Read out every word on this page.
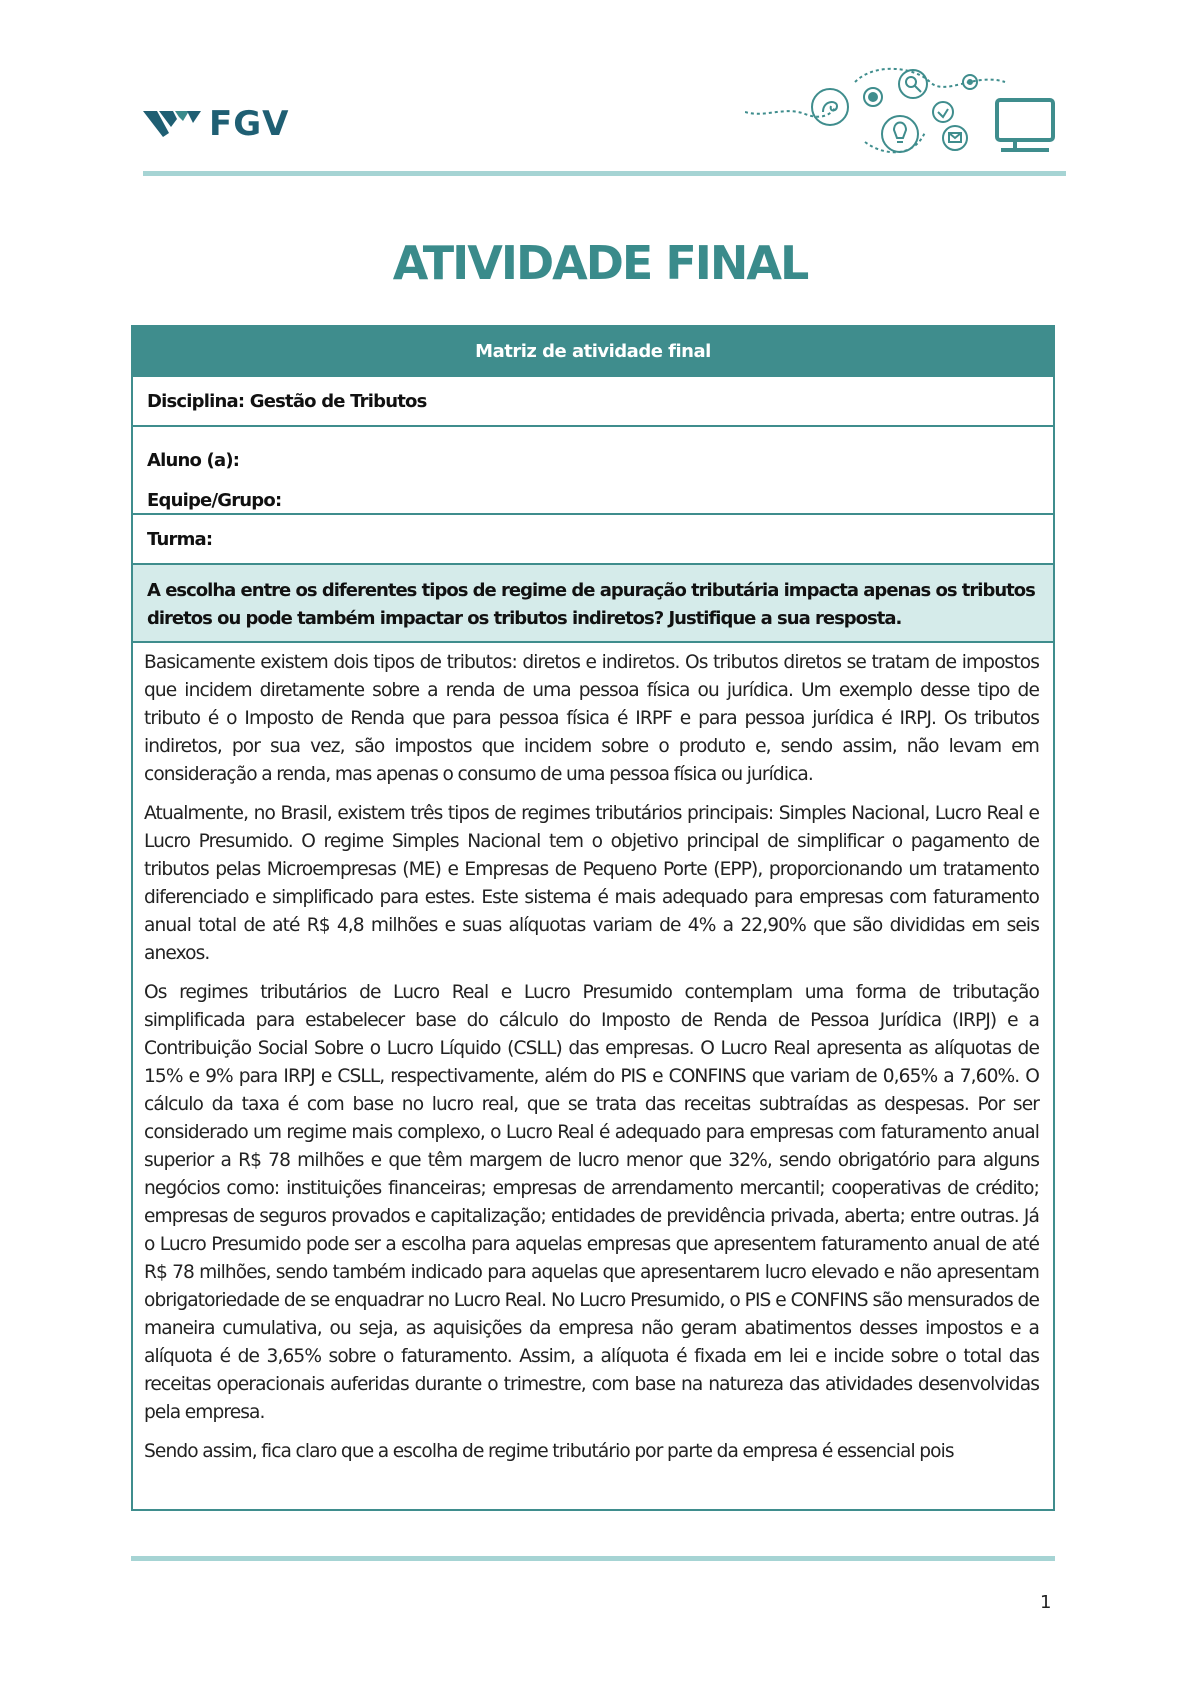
FGV
ATIVIDADE FINAL
Matriz de atividade final
Disciplina: Gestão de Tributos
Aluno (a):
Equipe/Grupo:
Turma:
A escolha entre os diferentes tipos de regime de apuração tributária impacta apenas os tributos diretos ou pode também impactar os tributos indiretos? Justifique a sua resposta.

Basicamente existem dois tipos de tributos: diretos e indiretos. Os tributos diretos se tratam de impostos que incidem diretamente sobre a renda de uma pessoa física ou jurídica. Um exemplo desse tipo de tributo é o Imposto de Renda que para pessoa física é IRPF e para pessoa jurídica é IRPJ. Os tributos indiretos, por sua vez, são impostos que incidem sobre o produto e, sendo assim, não levam em consideração a renda, mas apenas o consumo de uma pessoa física ou jurídica.

Atualmente, no Brasil, existem três tipos de regimes tributários principais: Simples Nacional, Lucro Real e Lucro Presumido. O regime Simples Nacional tem o objetivo principal de simplificar o pagamento de tributos pelas Microempresas (ME) e Empresas de Pequeno Porte (EPP), proporcionando um tratamento diferenciado e simplificado para estes. Este sistema é mais adequado para empresas com faturamento anual total de até R$ 4,8 milhões e suas alíquotas variam de 4% a 22,90% que são divididas em seis anexos.

Os regimes tributários de Lucro Real e Lucro Presumido contemplam uma forma de tributação simplificada para estabelecer base do cálculo do Imposto de Renda de Pessoa Jurídica (IRPJ) e a Contribuição Social Sobre o Lucro Líquido (CSLL) das empresas. O Lucro Real apresenta as alíquotas de 15% e 9% para IRPJ e CSLL, respectivamente, além do PIS e CONFINS que variam de 0,65% a 7,60%. O cálculo da taxa é com base no lucro real, que se trata das receitas subtraídas as despesas. Por ser considerado um regime mais complexo, o Lucro Real é adequado para empresas com faturamento anual superior a R$ 78 milhões e que têm margem de lucro menor que 32%, sendo obrigatório para alguns negócios como: instituições financeiras; empresas de arrendamento mercantil; cooperativas de crédito; empresas de seguros provados e capitalização; entidades de previdência privada, aberta; entre outras. Já o Lucro Presumido pode ser a escolha para aquelas empresas que apresentem faturamento anual de até R$ 78 milhões, sendo também indicado para aquelas que apresentarem lucro elevado e não apresentam obrigatoriedade de se enquadrar no Lucro Real. No Lucro Presumido, o PIS e CONFINS são mensurados de maneira cumulativa, ou seja, as aquisições da empresa não geram abatimentos desses impostos e a alíquota é de 3,65% sobre o faturamento. Assim, a alíquota é fixada em lei e incide sobre o total das receitas operacionais auferidas durante o trimestre, com base na natureza das atividades desenvolvidas pela empresa.

Sendo assim, fica claro que a escolha de regime tributário por parte da empresa é essencial pois

1
